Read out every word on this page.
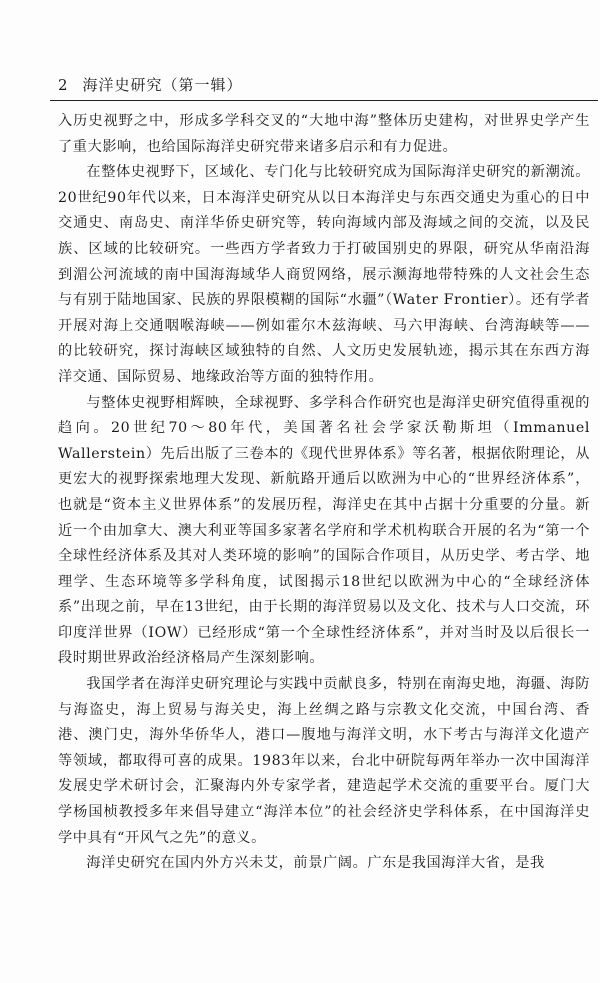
2 海洋史研究（第一辑）

入历史视野之中，形成多学科交叉的“大地中海”整体历史建构，对世界史学产生了重大影响，也给国际海洋史研究带来诸多启示和有力促进。

在整体史视野下，区域化、专门化与比较研究成为国际海洋史研究的新潮流。20世纪90年代以来，日本海洋史研究从以日本海洋史与东西交通史为重心的日中交通史、南岛史、南洋华侨史研究等，转向海域内部及海域之间的交流，以及民族、区域的比较研究。一些西方学者致力于打破国别史的界限，研究从华南沿海到湄公河流域的南中国海海域华人商贸网络，展示濒海地带特殊的人文社会生态与有别于陆地国家、民族的界限模糊的国际“水疆”（Water Frontier）。还有学者开展对海上交通咽喉海峡——例如霍尔木兹海峡、马六甲海峡、台湾海峡等——的比较研究，探讨海峡区域独特的自然、人文历史发展轨迹，揭示其在东西方海洋交通、国际贸易、地缘政治等方面的独特作用。

与整体史视野相辉映，全球视野、多学科合作研究也是海洋史研究值得重视的趋向。20世纪70～80年代，美国著名社会学家沃勒斯坦（Immanuel Wallerstein）先后出版了三卷本的《现代世界体系》等名著，根据依附理论，从更宏大的视野探索地理大发现、新航路开通后以欧洲为中心的“世界经济体系”，也就是“资本主义世界体系”的发展历程，海洋史在其中占据十分重要的分量。新近一个由加拿大、澳大利亚等国多家著名学府和学术机构联合开展的名为“第一个全球性经济体系及其对人类环境的影响”的国际合作项目，从历史学、考古学、地理学、生态环境等多学科角度，试图揭示18世纪以欧洲为中心的“全球经济体系”出现之前，早在13世纪，由于长期的海洋贸易以及文化、技术与人口交流，环印度洋世界（IOW）已经形成“第一个全球性经济体系”，并对当时及以后很长一段时期世界政治经济格局产生深刻影响。

我国学者在海洋史研究理论与实践中贡献良多，特别在南海史地，海疆、海防与海盗史，海上贸易与海关史，海上丝绸之路与宗教文化交流，中国台湾、香港、澳门史，海外华侨华人，港口—腹地与海洋文明，水下考古与海洋文化遗产等领域，都取得可喜的成果。1983年以来，台北中研院每两年举办一次中国海洋发展史学术研讨会，汇聚海内外专家学者，建造起学术交流的重要平台。厦门大学杨国桢教授多年来倡导建立“海洋本位”的社会经济史学科体系，在中国海洋史学中具有“开风气之先”的意义。

海洋史研究在国内外方兴未艾，前景广阔。广东是我国海洋大省，是我
